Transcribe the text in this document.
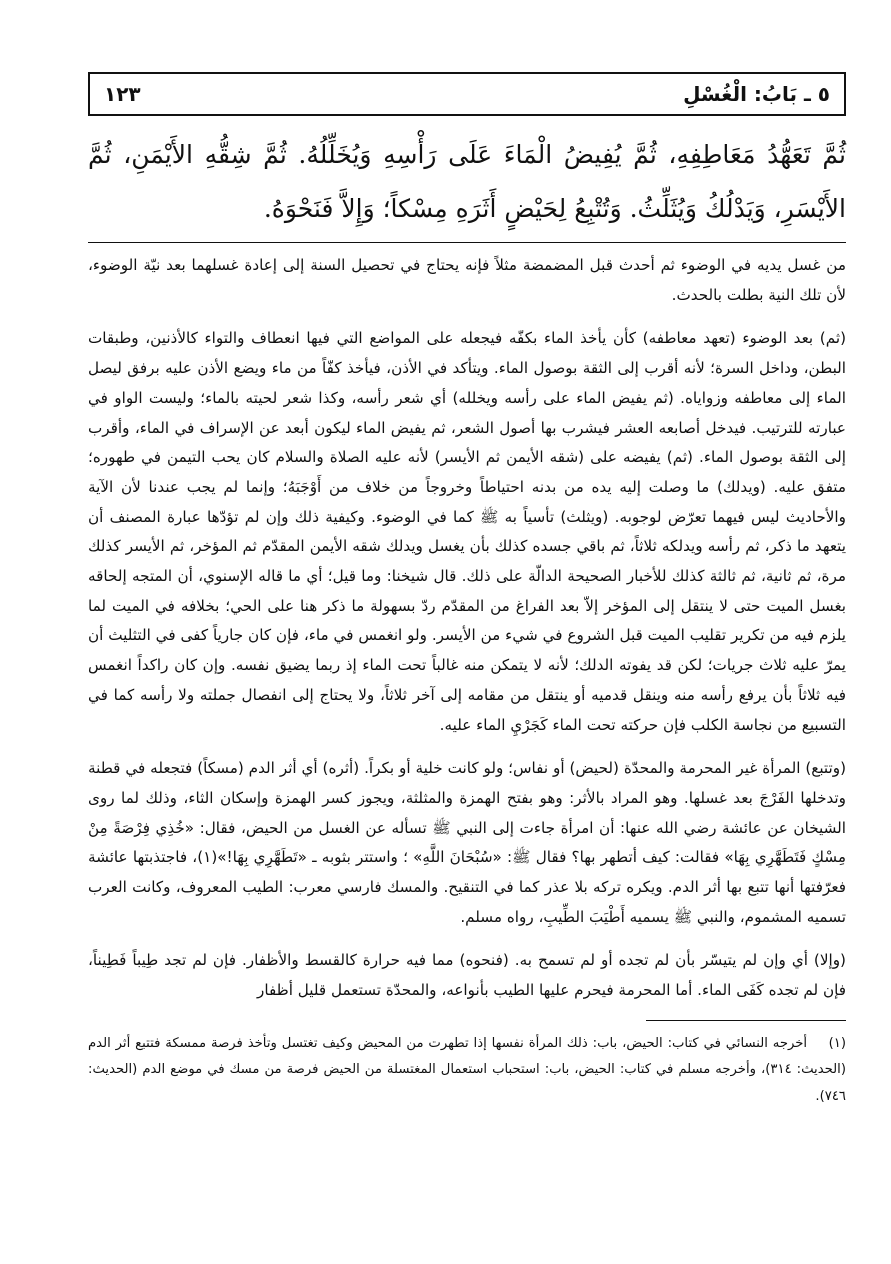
٥ ـ بَابُ: الْغُسْلِ
١٢٣
ثُمَّ تَعَهُّدُ مَعَاطِفِهِ، ثُمَّ يُفِيضُ الْمَاءَ عَلَى رَأْسِهِ وَيُخَلِّلُهُ. ثُمَّ شِقُّهِ الأَيْمَنِ، ثُمَّ الأَيْسَرِ، وَيَدْلُكُ وَيُثَلِّثُ. وَتُتْبِعُ لِحَيْضٍ أَثَرَهِ مِسْكاً؛ وَإِلاَّ فَنَحْوَهُ.

من غسل يديه في الوضوء ثم أحدث قبل المضمضة مثلاً فإنه يحتاج في تحصيل السنة إلى إعادة غسلهما بعد نيّة الوضوء، لأن تلك النية بطلت بالحدث.

(ثم) بعد الوضوء (تعهد معاطفه) كأن يأخذ الماء بكفّه فيجعله على المواضع التي فيها انعطاف والتواء كالأذنين، وطبقات البطن، وداخل السرة؛ لأنه أقرب إلى الثقة بوصول الماء. ويتأكد في الأذن، فيأخذ كفّاً من ماء ويضع الأذن عليه برفق ليصل الماء إلى معاطفه وزواياه. (ثم يفيض الماء على رأسه ويخلله) أي شعر رأسه، وكذا شعر لحيته بالماء؛ وليست الواو في عبارته للترتيب. فيدخل أصابعه العشر فيشرب بها أصول الشعر، ثم يفيض الماء ليكون أبعد عن الإسراف في الماء، وأقرب إلى الثقة بوصول الماء. (ثم) يفيضه على (شقه الأيمن ثم الأيسر) لأنه عليه الصلاة والسلام كان يحب التيمن في طهوره؛ متفق عليه. (ويدلك) ما وصلت إليه يده من بدنه احتياطاً وخروجاً من خلاف من أَوْجَبَهُ؛ وإنما لم يجب عندنا لأن الآية والأحاديث ليس فيهما تعرّض لوجوبه. (ويثلث) تأسياً به ﷺ كما في الوضوء. وكيفية ذلك وإن لم تؤدّها عبارة المصنف أن يتعهد ما ذكر، ثم رأسه ويدلكه ثلاثاً، ثم باقي جسده كذلك بأن يغسل ويدلك شقه الأيمن المقدّم ثم المؤخر، ثم الأيسر كذلك مرة، ثم ثانية، ثم ثالثة كذلك للأخبار الصحيحة الدالّة على ذلك. قال شيخنا: وما قيل؛ أي ما قاله الإسنوي، أن المتجه إلحاقه بغسل الميت حتى لا ينتقل إلى المؤخر إلاّ بعد الفراغ من المقدّم ردّ بسهولة ما ذكر هنا على الحي؛ بخلافه في الميت لما يلزم فيه من تكرير تقليب الميت قبل الشروع في شيء من الأيسر. ولو انغمس في ماء، فإن كان جارياً كفى في التثليث أن يمرّ عليه ثلاث جريات؛ لكن قد يفوته الدلك؛ لأنه لا يتمكن منه غالباً تحت الماء إذ ربما يضيق نفسه. وإن كان راكداً انغمس فيه ثلاثاً بأن يرفع رأسه منه وينقل قدميه أو ينتقل من مقامه إلى آخر ثلاثاً، ولا يحتاج إلى انفصال جملته ولا رأسه كما في التسبيع من نجاسة الكلب فإن حركته تحت الماء كَجَرْيِ الماء عليه.

(وتتبع) المرأة غير المحرمة والمحدّة (لحيض) أو نفاس؛ ولو كانت خلية أو بكراً. (أثره) أي أثر الدم (مسكاً) فتجعله في قطنة وتدخلها الفَرْجَ بعد غسلها. وهو المراد بالأثر: وهو بفتح الهمزة والمثلثة، ويجوز كسر الهمزة وإسكان الثاء، وذلك لما روى الشيخان عن عائشة رضي الله عنها: أن امرأة جاءت إلى النبي ﷺ تسأله عن الغسل من الحيض، فقال: «خُذِي فِرْصَةً مِنْ مِسْكٍ فَتَطَهَّرِي بِهَا» فقالت: كيف أتطهر بها؟ فقال ﷺ: «سُبْحَانَ اللَّهِ» ؛ واستتر بثوبه ـ «تَطَهَّرِي بِهَا!»(١)، فاجتذبتها عائشة فعرّفتها أنها تتبع بها أثر الدم. ويكره تركه بلا عذر كما في التنقيح. والمسك فارسي معرب: الطيب المعروف، وكانت العرب تسميه المشموم، والنبي ﷺ يسميه أَطْيَبَ الطِّيبِ، رواه مسلم.

(وإلا) أي وإن لم يتيسّر بأن لم تجده أو لم تسمح به. (فنحوه) مما فيه حرارة كالقسط والأظفار. فإن لم تجد طِيباً فَطِيناً، فإن لم تجده كَفَى الماء. أما المحرمة فيحرم عليها الطيب بأنواعه، والمحدّة تستعمل قليل أظفار

(١) أخرجه النسائي في كتاب: الحيض، باب: ذلك المرأة نفسها إذا تطهرت من المحيض وكيف تغتسل وتأخذ فرصة ممسكة فتتبع أثر الدم (الحديث: ٣١٤)، وأخرجه مسلم في كتاب: الحيض، باب: استحباب استعمال المغتسلة من الحيض فرصة من مسك في موضع الدم (الحديث: ٧٤٦).
